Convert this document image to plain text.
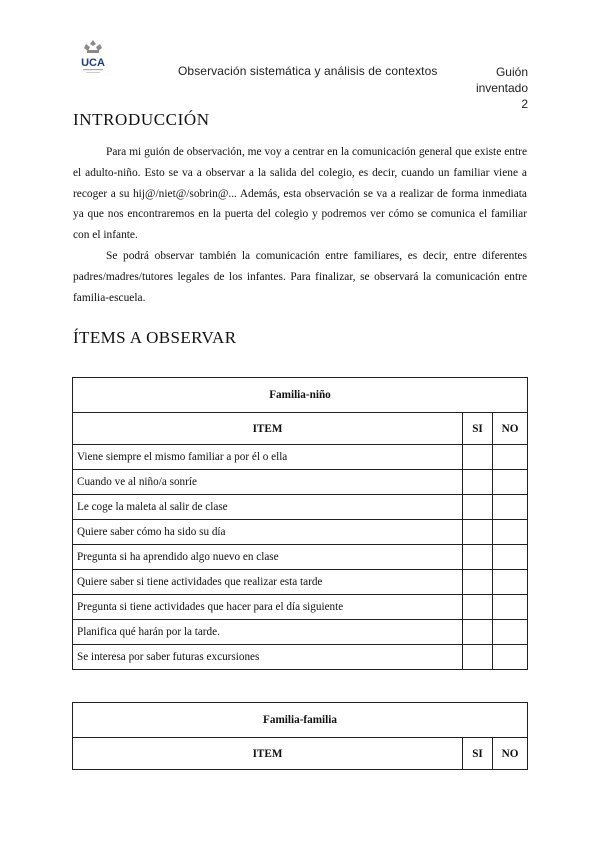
UCA
Observación sistemática y análisis de contextos	Guión
inventado
2
INTRODUCCIÓN

Para mi guión de observación, me voy a centrar en la comunicación general que existe entre el adulto-niño. Esto se va a observar a la salida del colegio, es decir, cuando un familiar viene a recoger a su hij@/niet@/sobrin@... Además, esta observación se va a realizar de forma inmediata ya que nos encontraremos en la puerta del colegio y podremos ver cómo se comunica el familiar con el infante.

Se podrá observar también la comunicación entre familiares, es decir, entre diferentes padres/madres/tutores legales de los infantes. Para finalizar, se observará la comunicación entre familia-escuela.

ÍTEMS A OBSERVAR
Familia-niño		
ITEM	SI	NO
Viene siempre el mismo familiar a por él o ella		
Cuando ve al niño/a sonríe		
Le coge la maleta al salir de clase		
Quiere saber cómo ha sido su día		
Pregunta si ha aprendido algo nuevo en clase		
Quiere saber si tiene actividades que realizar esta tarde		
Pregunta si tiene actividades que hacer para el día siguiente		
Planifica qué harán por la tarde.		
Se interesa por saber futuras excursiones		
Familia-familia
ITEM	SI	NO
